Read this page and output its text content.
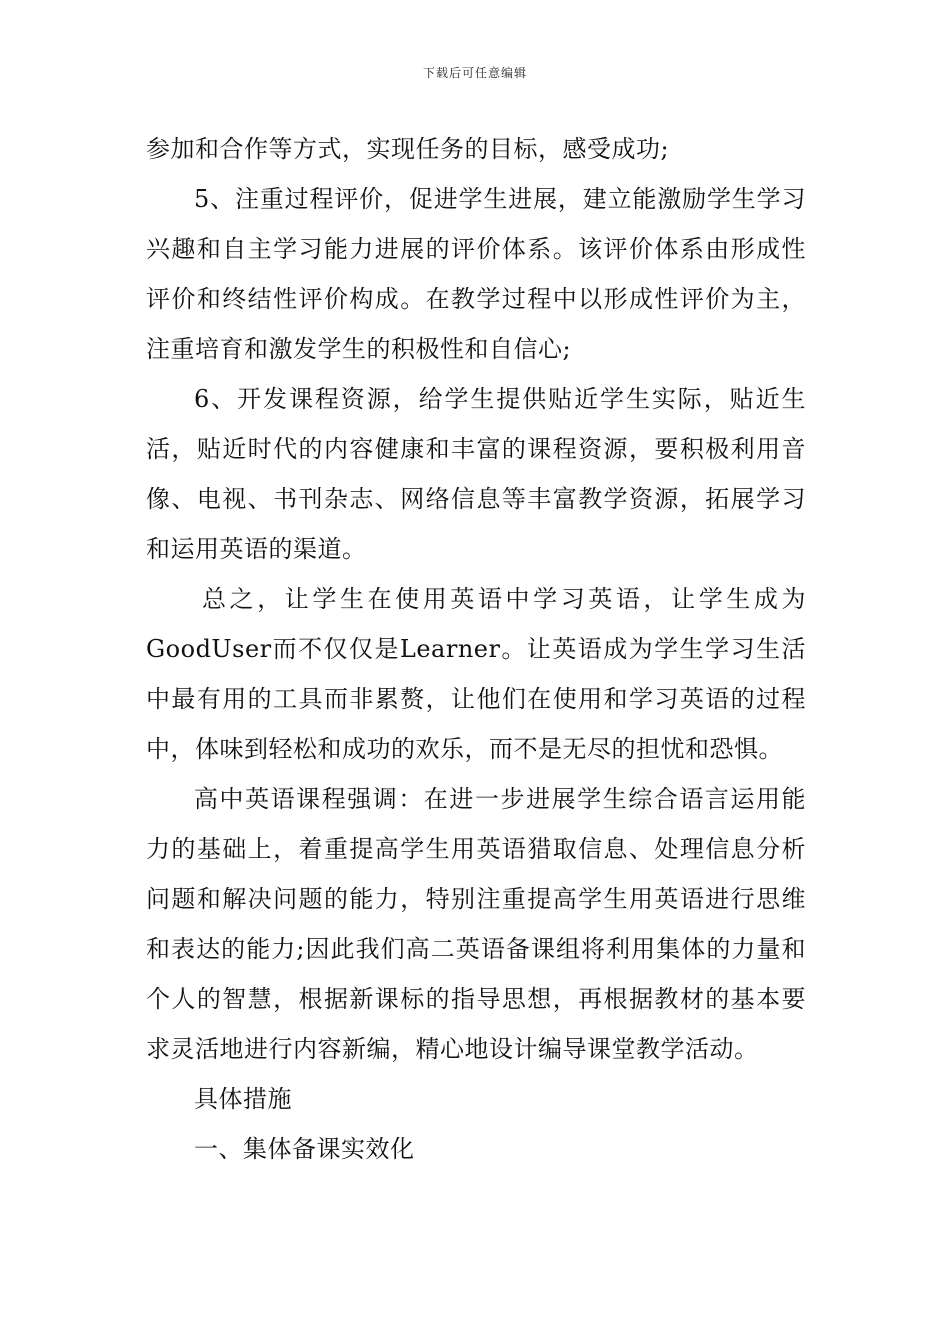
下载后可任意编辑

参加和合作等方式，实现任务的目标，感受成功;

5、注重过程评价，促进学生进展，建立能激励学生学习兴趣和自主学习能力进展的评价体系。该评价体系由形成性评价和终结性评价构成。在教学过程中以形成性评价为主，注重培育和激发学生的积极性和自信心;

6、开发课程资源，给学生提供贴近学生实际，贴近生活，贴近时代的内容健康和丰富的课程资源，要积极利用音像、电视、书刊杂志、网络信息等丰富教学资源，拓展学习和运用英语的渠道。

总之，让学生在使用英语中学习英语，让学生成为GoodUser而不仅仅是Learner。让英语成为学生学习生活中最有用的工具而非累赘，让他们在使用和学习英语的过程中，体味到轻松和成功的欢乐，而不是无尽的担忧和恐惧。

高中英语课程强调：在进一步进展学生综合语言运用能力的基础上，着重提高学生用英语猎取信息、处理信息分析问题和解决问题的能力，特别注重提高学生用英语进行思维和表达的能力;因此我们高二英语备课组将利用集体的力量和个人的智慧，根据新课标的指导思想，再根据教材的基本要求灵活地进行内容新编，精心地设计编导课堂教学活动。

具体措施

一、集体备课实效化
